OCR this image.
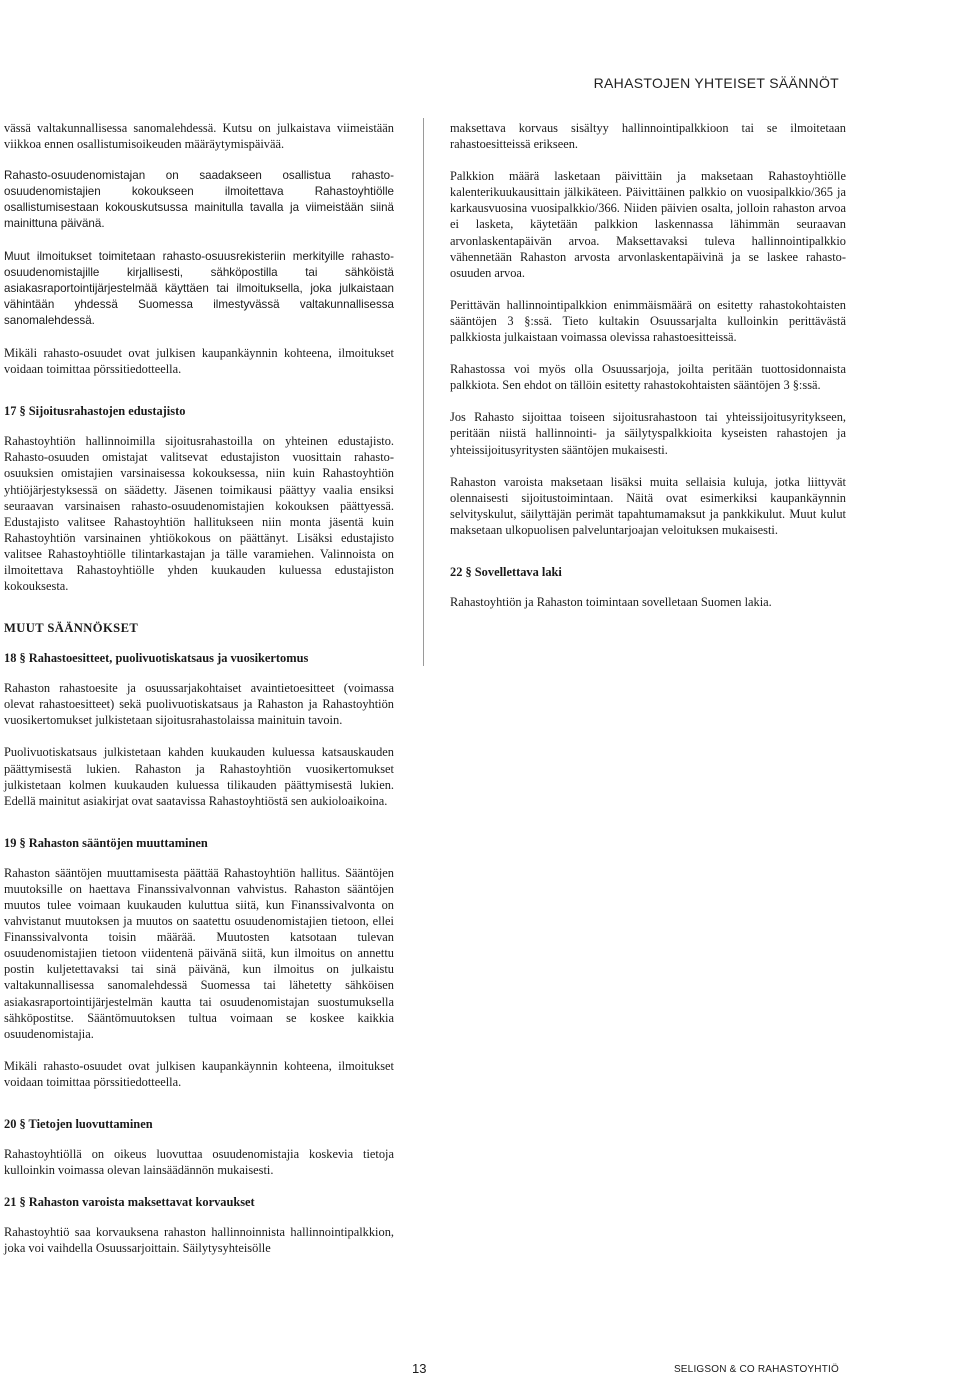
RAHASTOJEN YHTEISET SÄÄNNÖT

vässä valtakunnallisessa sanomalehdessä. Kutsu on julkaistava viimeistään viikkoa ennen osallistumisoikeuden määräytymispäivää.

Rahasto-osuudenomistajan on saadakseen osallistua rahasto-osuudenomistajien kokoukseen ilmoitettava Rahastoyhtiölle osallistumisestaan kokouskutsussa mainitulla tavalla ja viimeistään siinä mainittuna päivänä.

Muut ilmoitukset toimitetaan rahasto-osuusrekisteriin merkityille rahasto-osuudenomistajille kirjallisesti, sähköpostilla tai sähköistä asiakasraportointijärjestelmää käyttäen tai ilmoituksella, joka julkaistaan vähintään yhdessä Suomessa ilmestyvässä valtakunnallisessa sanomalehdessä.

Mikäli rahasto-osuudet ovat julkisen kaupankäynnin kohteena, ilmoitukset voidaan toimittaa pörssitiedotteella.

17 § Sijoitusrahastojen edustajisto

Rahastoyhtiön hallinnoimilla sijoitusrahastoilla on yhteinen edustajisto. Rahasto-osuuden omistajat valitsevat edustajiston vuosittain rahasto-osuuksien omistajien varsinaisessa kokouksessa, niin kuin Rahastoyhtiön yhtiöjärjestyksessä on säädetty. Jäsenen toimikausi päättyy vaalia ensiksi seuraavan varsinaisen rahasto-osuudenomistajien kokouksen päättyessä. Edustajisto valitsee Rahastoyhtiön hallitukseen niin monta jäsentä kuin Rahastoyhtiön varsinainen yhtiökokous on päättänyt. Lisäksi edustajisto valitsee Rahastoyhtiölle tilintarkastajan ja tälle varamiehen. Valinnoista on ilmoitettava Rahastoyhtiölle yhden kuukauden kuluessa edustajiston kokouksesta.

MUUT SÄÄNNÖKSET
18 § Rahastoesitteet, puolivuotiskatsaus ja vuosikertomus

Rahaston rahastoesite ja osuussarjakohtaiset avaintietoesitteet (voimassa olevat rahastoesitteet) sekä puolivuotiskatsaus ja Rahaston ja Rahastoyhtiön vuosikertomukset julkistetaan sijoitusrahastolaissa mainituin tavoin.

Puolivuotiskatsaus julkistetaan kahden kuukauden kuluessa katsauskauden päättymisestä lukien. Rahaston ja Rahastoyhtiön vuosikertomukset julkistetaan kolmen kuukauden kuluessa tilikauden päättymisestä lukien. Edellä mainitut asiakirjat ovat saatavissa Rahastoyhtiöstä sen aukioloaikoina.

19 § Rahaston sääntöjen muuttaminen

Rahaston sääntöjen muuttamisesta päättää Rahastoyhtiön hallitus. Sääntöjen muutoksille on haettava Finanssivalvonnan vahvistus. Rahaston sääntöjen muutos tulee voimaan kuukauden kuluttua siitä, kun Finanssivalvonta on vahvistanut muutoksen ja muutos on saatettu osuudenomistajien tietoon, ellei Finanssivalvonta toisin määrää. Muutosten katsotaan tulevan osuudenomistajien tietoon viidentenä päivänä siitä, kun ilmoitus on annettu postin kuljetettavaksi tai sinä päivänä, kun ilmoitus on julkaistu valtakunnallisessa sanomalehdessä Suomessa tai lähetetty sähköisen asiakasraportointijärjestelmän kautta tai osuudenomistajan suostumuksella sähköpostitse. Sääntömuutoksen tultua voimaan se koskee kaikkia osuudenomistajia.

Mikäli rahasto-osuudet ovat julkisen kaupankäynnin kohteena, ilmoitukset voidaan toimittaa pörssitiedotteella.

20 § Tietojen luovuttaminen

Rahastoyhtiöllä on oikeus luovuttaa osuudenomistajia koskevia tietoja kulloinkin voimassa olevan lainsäädännön mukaisesti.

21 § Rahaston varoista maksettavat korvaukset

Rahastoyhtiö saa korvauksena rahaston hallinnoinnista hallinnointipalkkion, joka voi vaihdella Osuussarjoittain. Säilytysyhteisölle

maksettava korvaus sisältyy hallinnointipalkkioon tai se ilmoitetaan rahastoesitteissä erikseen.

Palkkion määrä lasketaan päivittäin ja maksetaan Rahastoyhtiölle kalenterikuukausittain jälkikäteen. Päivittäinen palkkio on vuosipalkkio/365 ja karkausvuosina vuosipalkkio/366. Niiden päivien osalta, jolloin rahaston arvoa ei lasketa, käytetään palkkion laskennassa lähimmän seuraavan arvonlaskentapäivän arvoa. Maksettavaksi tuleva hallinnointipalkkio vähennetään Rahaston arvosta arvonlaskentapäivinä ja se laskee rahasto-osuuden arvoa.

Perittävän hallinnointipalkkion enimmäismäärä on esitetty rahastokohtaisten sääntöjen 3 §:ssä. Tieto kultakin Osuussarjalta kulloinkin perittävästä palkkiosta julkaistaan voimassa olevissa rahastoesitteissä.

Rahastossa voi myös olla Osuussarjoja, joilta peritään tuottosidonnaista palkkiota. Sen ehdot on tällöin esitetty rahastokohtaisten sääntöjen 3 §:ssä.

Jos Rahasto sijoittaa toiseen sijoitusrahastoon tai yhteissijoitusyritykseen, peritään niistä hallinnointi- ja säilytyspalkkioita kyseisten rahastojen ja yhteissijoitusyritysten sääntöjen mukaisesti.

Rahaston varoista maksetaan lisäksi muita sellaisia kuluja, jotka liittyvät olennaisesti sijoitustoimintaan. Näitä ovat esimerkiksi kaupankäynnin selvityskulut, säilyttäjän perimät tapahtumamaksut ja pankkikulut. Muut kulut maksetaan ulkopuolisen palveluntarjoajan veloituksen mukaisesti.

22 § Sovellettava laki

Rahastoyhtiön ja Rahaston toimintaan sovelletaan Suomen lakia.

13	SELIGSON & CO RAHASTOYHTIÖ
